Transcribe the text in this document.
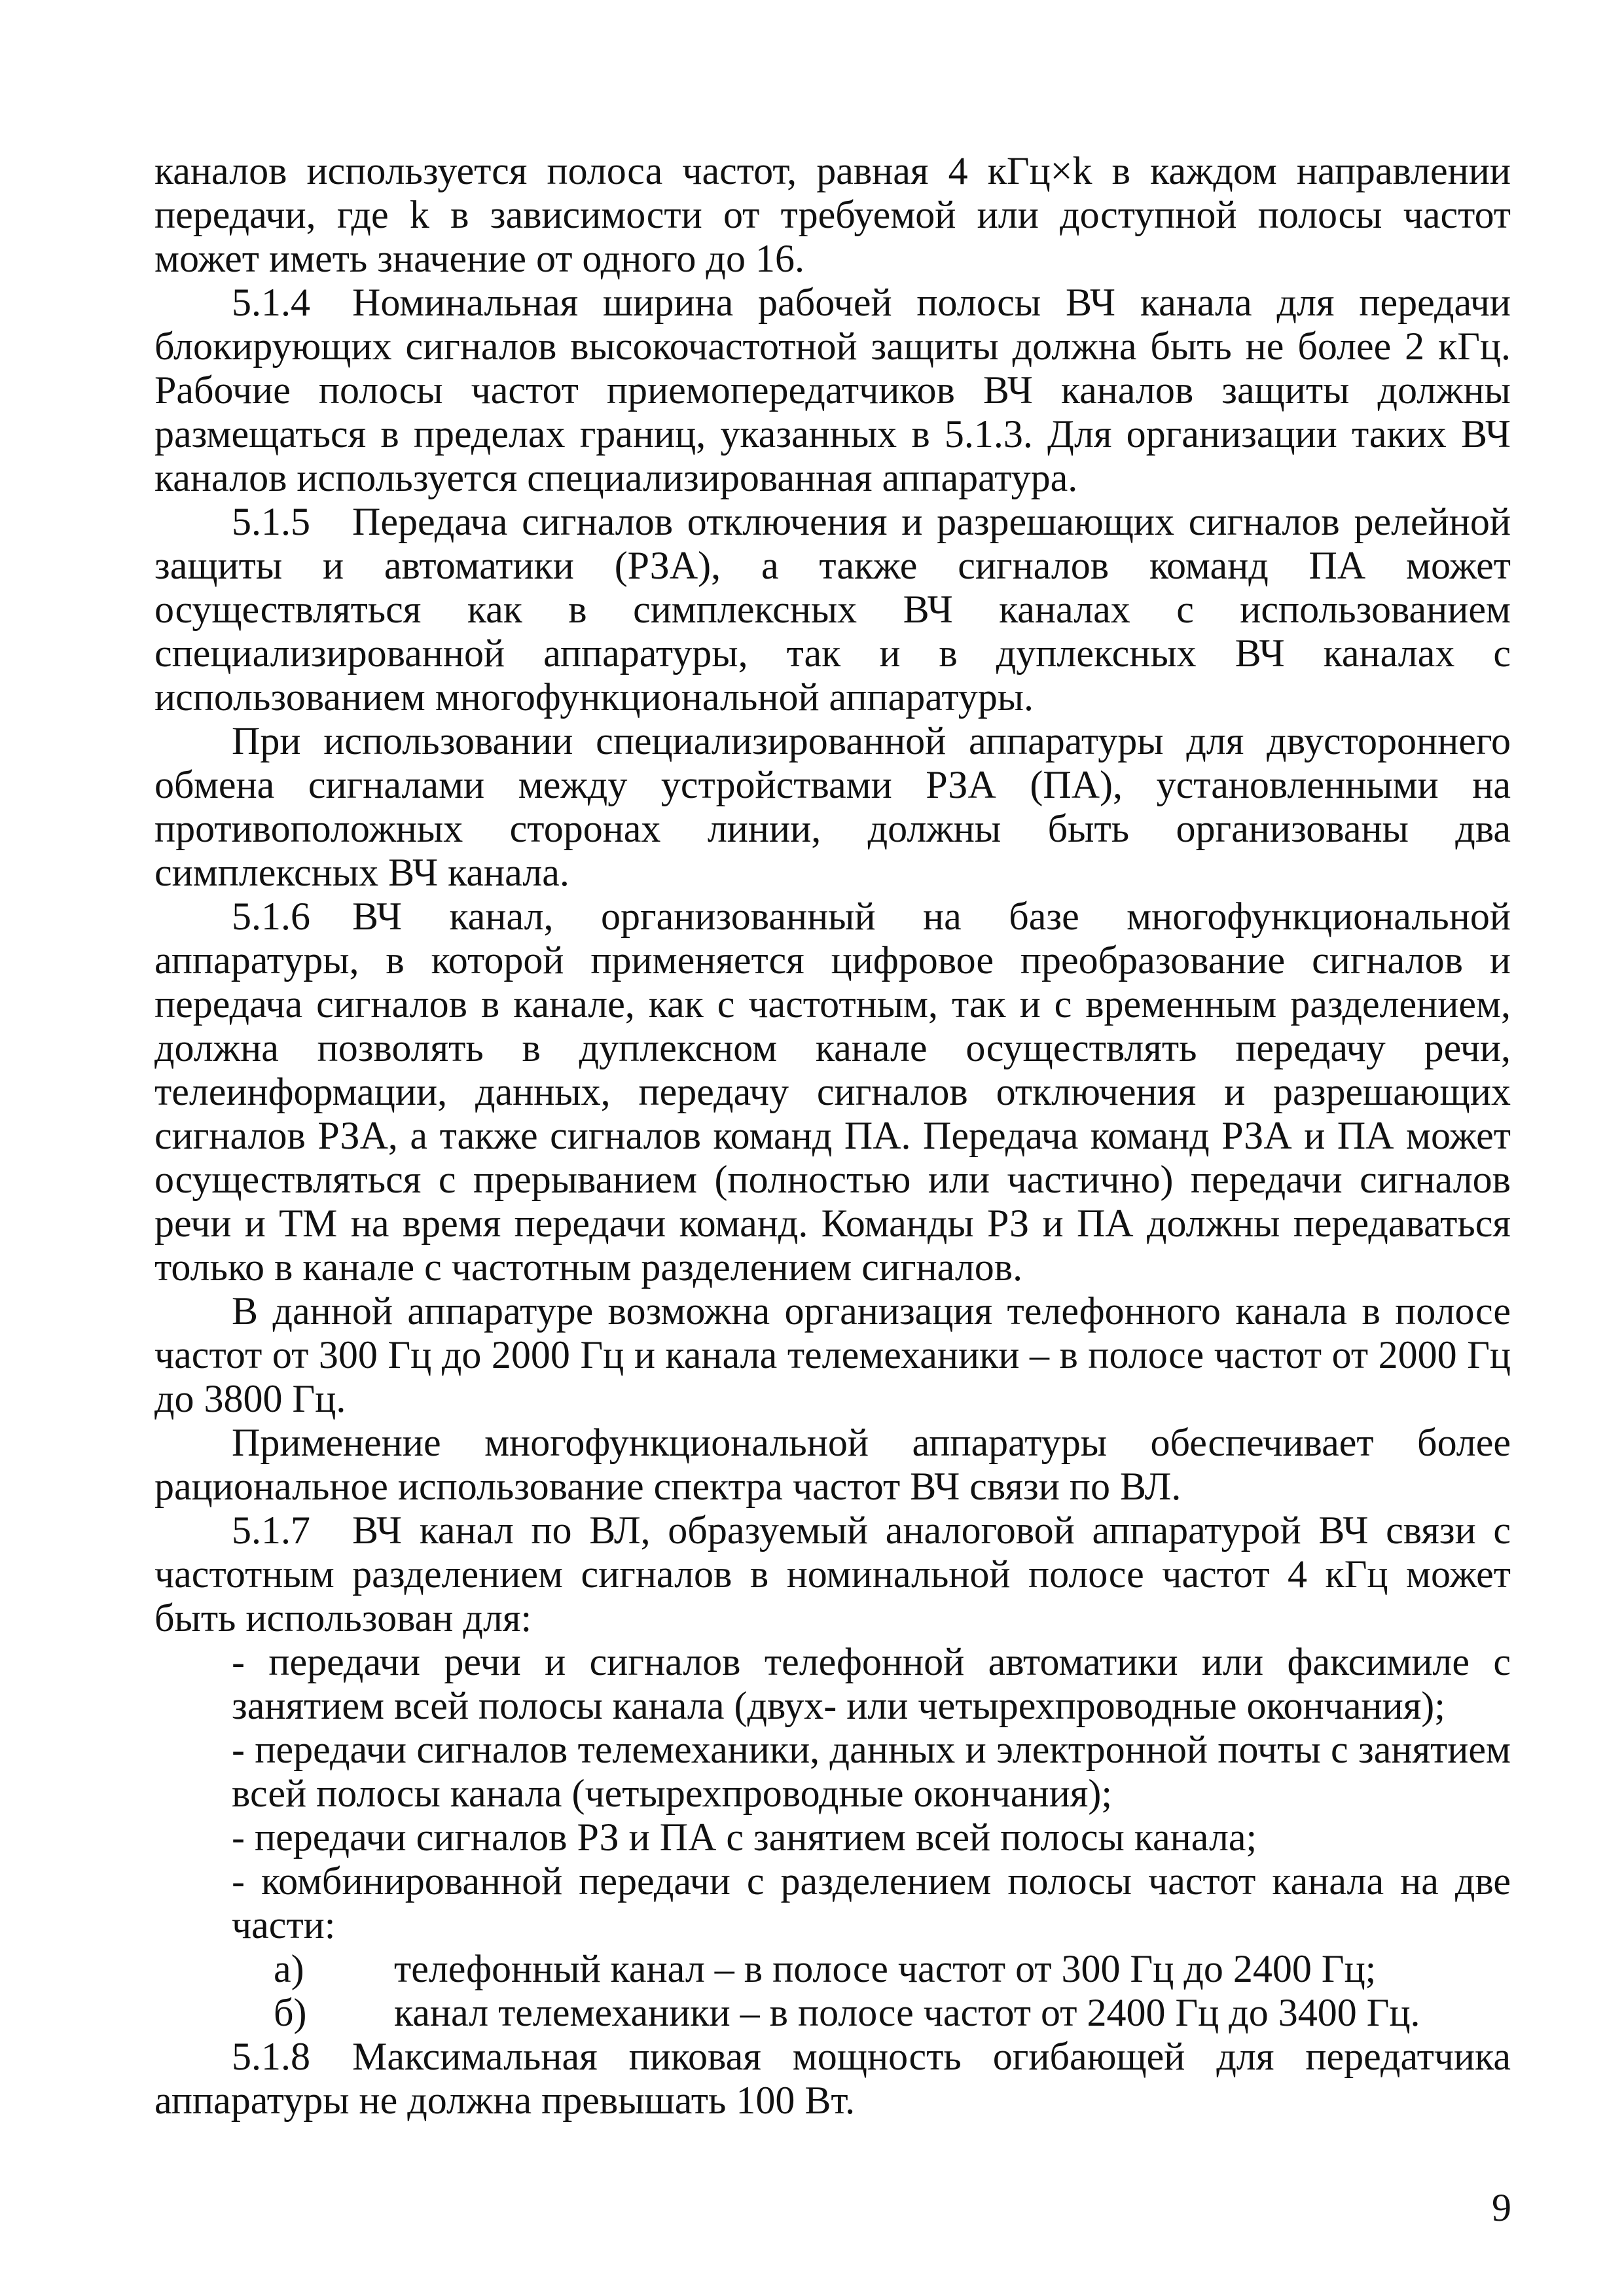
каналов используется полоса частот, равная 4 кГц×k в каждом направлении передачи, где k в зависимости от требуемой или доступной полосы частот может иметь значение от одного до 16.

5.1.4 Номинальная ширина рабочей полосы ВЧ канала для передачи блокирующих сигналов высокочастотной защиты должна быть не более 2 кГц. Рабочие полосы частот приемопередатчиков ВЧ каналов защиты должны размещаться в пределах границ, указанных в 5.1.3. Для организации таких ВЧ каналов используется специализированная аппаратура.

5.1.5 Передача сигналов отключения и разрешающих сигналов релейной защиты и автоматики (РЗА), а также сигналов команд ПА может осуществляться как в симплексных ВЧ каналах с использованием специализированной аппаратуры, так и в дуплексных ВЧ каналах с использованием многофункциональной аппаратуры.

При использовании специализированной аппаратуры для двустороннего обмена сигналами между устройствами РЗА (ПА), установленными на противоположных сторонах линии, должны быть организованы два симплексных ВЧ канала.

5.1.6 ВЧ канал, организованный на базе многофункциональной аппаратуры, в которой применяется цифровое преобразование сигналов и передача сигналов в канале, как с частотным, так и с временным разделением, должна позволять в дуплексном канале осуществлять передачу речи, телеинформации, данных, передачу сигналов отключения и разрешающих сигналов РЗА, а также сигналов команд ПА. Передача команд РЗА и ПА может осуществляться с прерыванием (полностью или частично) передачи сигналов речи и ТМ на время передачи команд. Команды РЗ и ПА должны передаваться только в канале с частотным разделением сигналов.

В данной аппаратуре возможна организация телефонного канала в полосе частот от 300 Гц до 2000 Гц и канала телемеханики – в полосе частот от 2000 Гц до 3800 Гц.

Применение многофункциональной аппаратуры обеспечивает более рациональное использование спектра частот ВЧ связи по ВЛ.

5.1.7 ВЧ канал по ВЛ, образуемый аналоговой аппаратурой ВЧ связи с частотным разделением сигналов в номинальной полосе частот 4 кГц может быть использован для:

- передачи речи и сигналов телефонной автоматики или факсимиле с занятием всей полосы канала (двух- или четырехпроводные окончания);

- передачи сигналов телемеханики, данных и электронной почты с занятием всей полосы канала (четырехпроводные окончания);

- передачи сигналов РЗ и ПА с занятием всей полосы канала;

- комбинированной передачи с разделением полосы частот канала на две части:

а)	телефонный канал – в полосе частот от 300 Гц до 2400 Гц;
б)	канал телемеханики – в полосе частот от 2400 Гц до 3400 Гц.

5.1.8 Максимальная пиковая мощность огибающей для передатчика аппаратуры не должна превышать 100 Вт.

9
